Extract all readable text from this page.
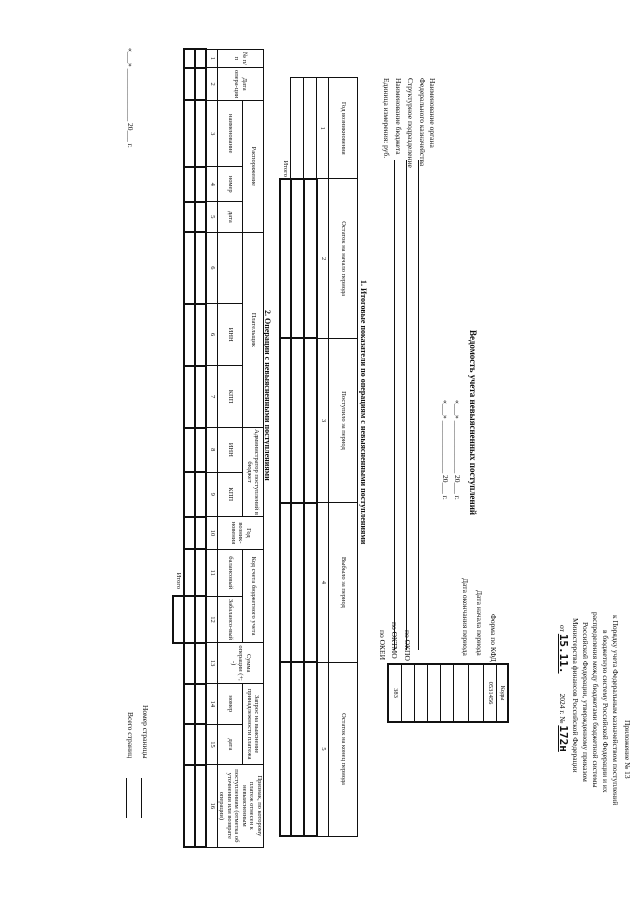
Приложение № 13
к Порядку учета Федеральным казначейством поступлений
в бюджетную систему Российской Федерации и их
распределения между бюджетами бюджетной системы
Российской Федерации, утвержденному приказом
Министерства финансов Российской Федерации
от 15.11. 2024 г. № 172н
Ведомость учета невыясненных поступлений
«___» ______________ 20___ г.
«___» ______________ 20___ г.
Форма по КФД
Дата начала периода
Дата окончания периода
по ОКПО
по ОКТМО
по ОКЕИ
Коды
0531456

383
Наименование органа
Федерального казначейства
Структурное подразделение
Наименование бюджета
Единица измерения: руб.
1. Итоговые показатели по операциям с невыясненными поступлениями
Год возникновения	Остаток на начало периода	Поступило за период	Выбыло за период	Остаток на конец периода
1	2	3	4	5

Итого				
2. Операции с невыясненными поступлениями
№ п/п	Дата опера-ции	Распоряжение			Плательщик			Администратор поступлений в бюджет		Год возник-новения	Код счета бюджетного учета		Сумма операции (+; -)	Запрос на выяснение принадлежности платежа		Признак, по которому платеж отнесен к невыясненным поступлениям (отметка об уточнении или возврате операции)
		наименование	номер	дата		ИНН	КПП	ИНН	КПП		балансовый	Забалансо-вый		номер	дата	
1	2	3	4	5	6	6	7	8	9	10	11	12	13	14	15	16

Итого																
Номер страницы
Всего страниц
«___» ______________ 20___ г.
